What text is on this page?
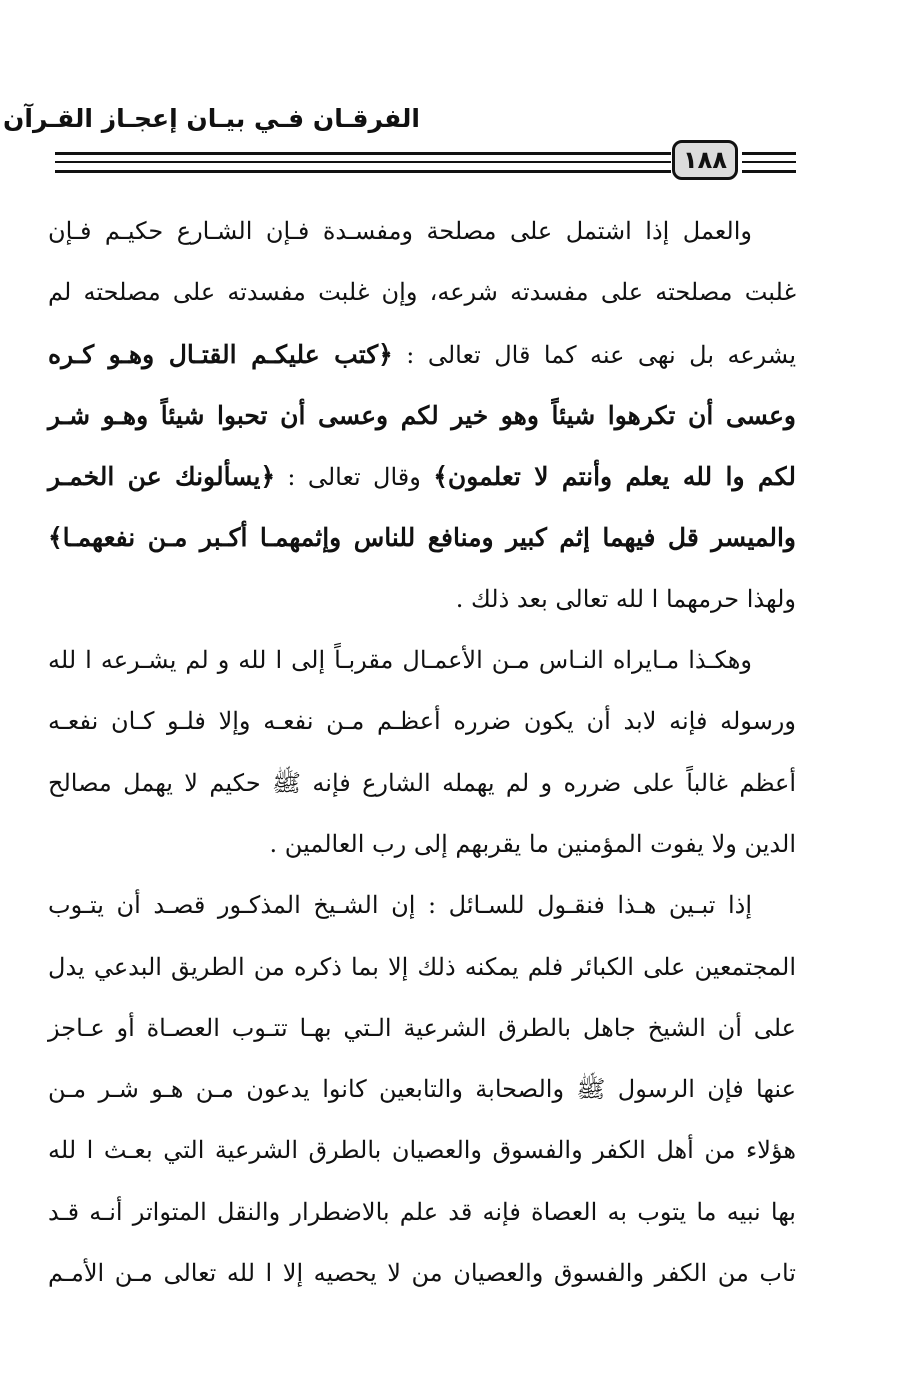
الفرقـان فـي بيـان إعجـاز القـرآن
١٨٨
والعمل إذا اشتمل على مصلحة ومفسـدة فـإن الشـارع حكيـم فـإن
غلبت مصلحته على مفسدته شرعه، وإن غلبت مفسدته على مصلحته لم
يشرعه بل نهى عنه كما قال تعالى : ﴿كتب عليكـم القتـال وهـو كـره
وعسى أن تكرهوا شيئاً وهو خير لكم وعسى أن تحبوا شيئاً وهـو شـر
لكم وا لله يعلم وأنتم لا تعلمون﴾ وقال تعالى : ﴿يسألونك عن الخمـر
والميسر قل فيهما إثم كبير ومنافع للناس وإثمهمـا أكـبر مـن نفعهمـا﴾
ولهذا حرمهما ا لله تعالى بعد ذلك .
وهكـذا مـايراه النـاس مـن الأعمـال مقربـاً إلى ا لله و لم يشـرعه ا لله
ورسوله فإنه لابد أن يكون ضرره أعظـم مـن نفعـه وإلا فلـو كـان نفعـه
أعظم غالباً على ضرره و لم يهمله الشارع فإنه ﷺ حكيم لا يهمل مصالح
الدين ولا يفوت المؤمنين ما يقربهم إلى رب العالمين .
إذا تبـين هـذا فنقـول للسـائل : إن الشـيخ المذكـور قصـد أن يتـوب
المجتمعين على الكبائر فلم يمكنه ذلك إلا بما ذكره من الطريق البدعي يدل
على أن الشيخ جاهل بالطرق الشرعية الـتي بهـا تتـوب العصـاة أو عـاجز
عنها فإن الرسول ﷺ والصحابة والتابعين كانوا يدعون مـن هـو شـر مـن
هؤلاء من أهل الكفر والفسوق والعصيان بالطرق الشرعية التي بعـث ا لله
بها نبيه ما يتوب به العصاة فإنه قد علم بالاضطرار والنقل المتواتر أنـه قـد
تاب من الكفر والفسوق والعصيان من لا يحصيه إلا ا لله تعالى مـن الأمـم
